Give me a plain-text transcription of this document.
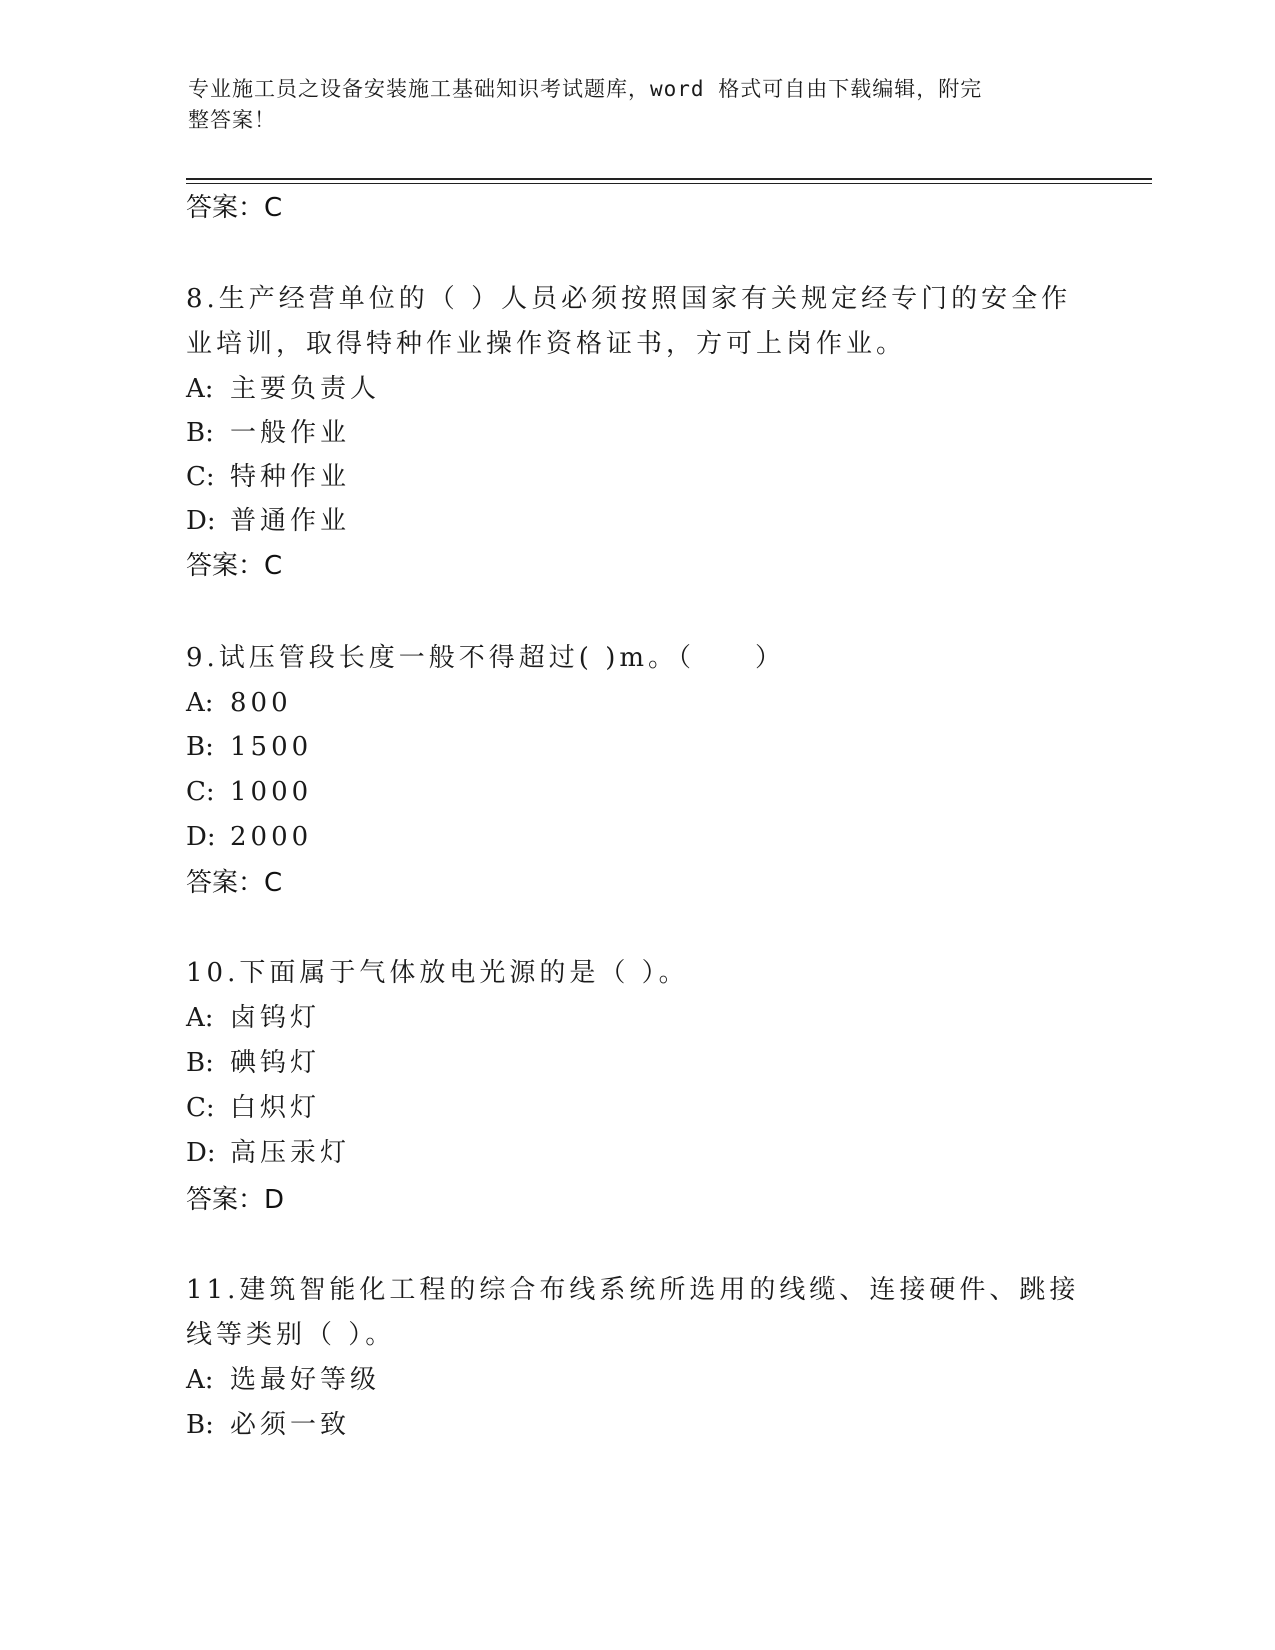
专业施工员之设备安装施工基础知识考试题库，word 格式可自由下载编辑，附完
整答案！
答案：C
8.生产经营单位的（ ）人员必须按照国家有关规定经专门的安全作业培训，取得特种作业操作资格证书，方可上岗作业。
A: 主要负责人
B: 一般作业
C: 特种作业
D: 普通作业
答案：C
9.试压管段长度一般不得超过( )m。（　　）
A: 800
B: 1500
C: 1000
D: 2000
答案：C
10.下面属于气体放电光源的是（ ）。
A: 卤钨灯
B: 碘钨灯
C: 白炽灯
D: 高压汞灯
答案：D
11.建筑智能化工程的综合布线系统所选用的线缆、连接硬件、跳接线等类别（ ）。
A: 选最好等级
B: 必须一致
